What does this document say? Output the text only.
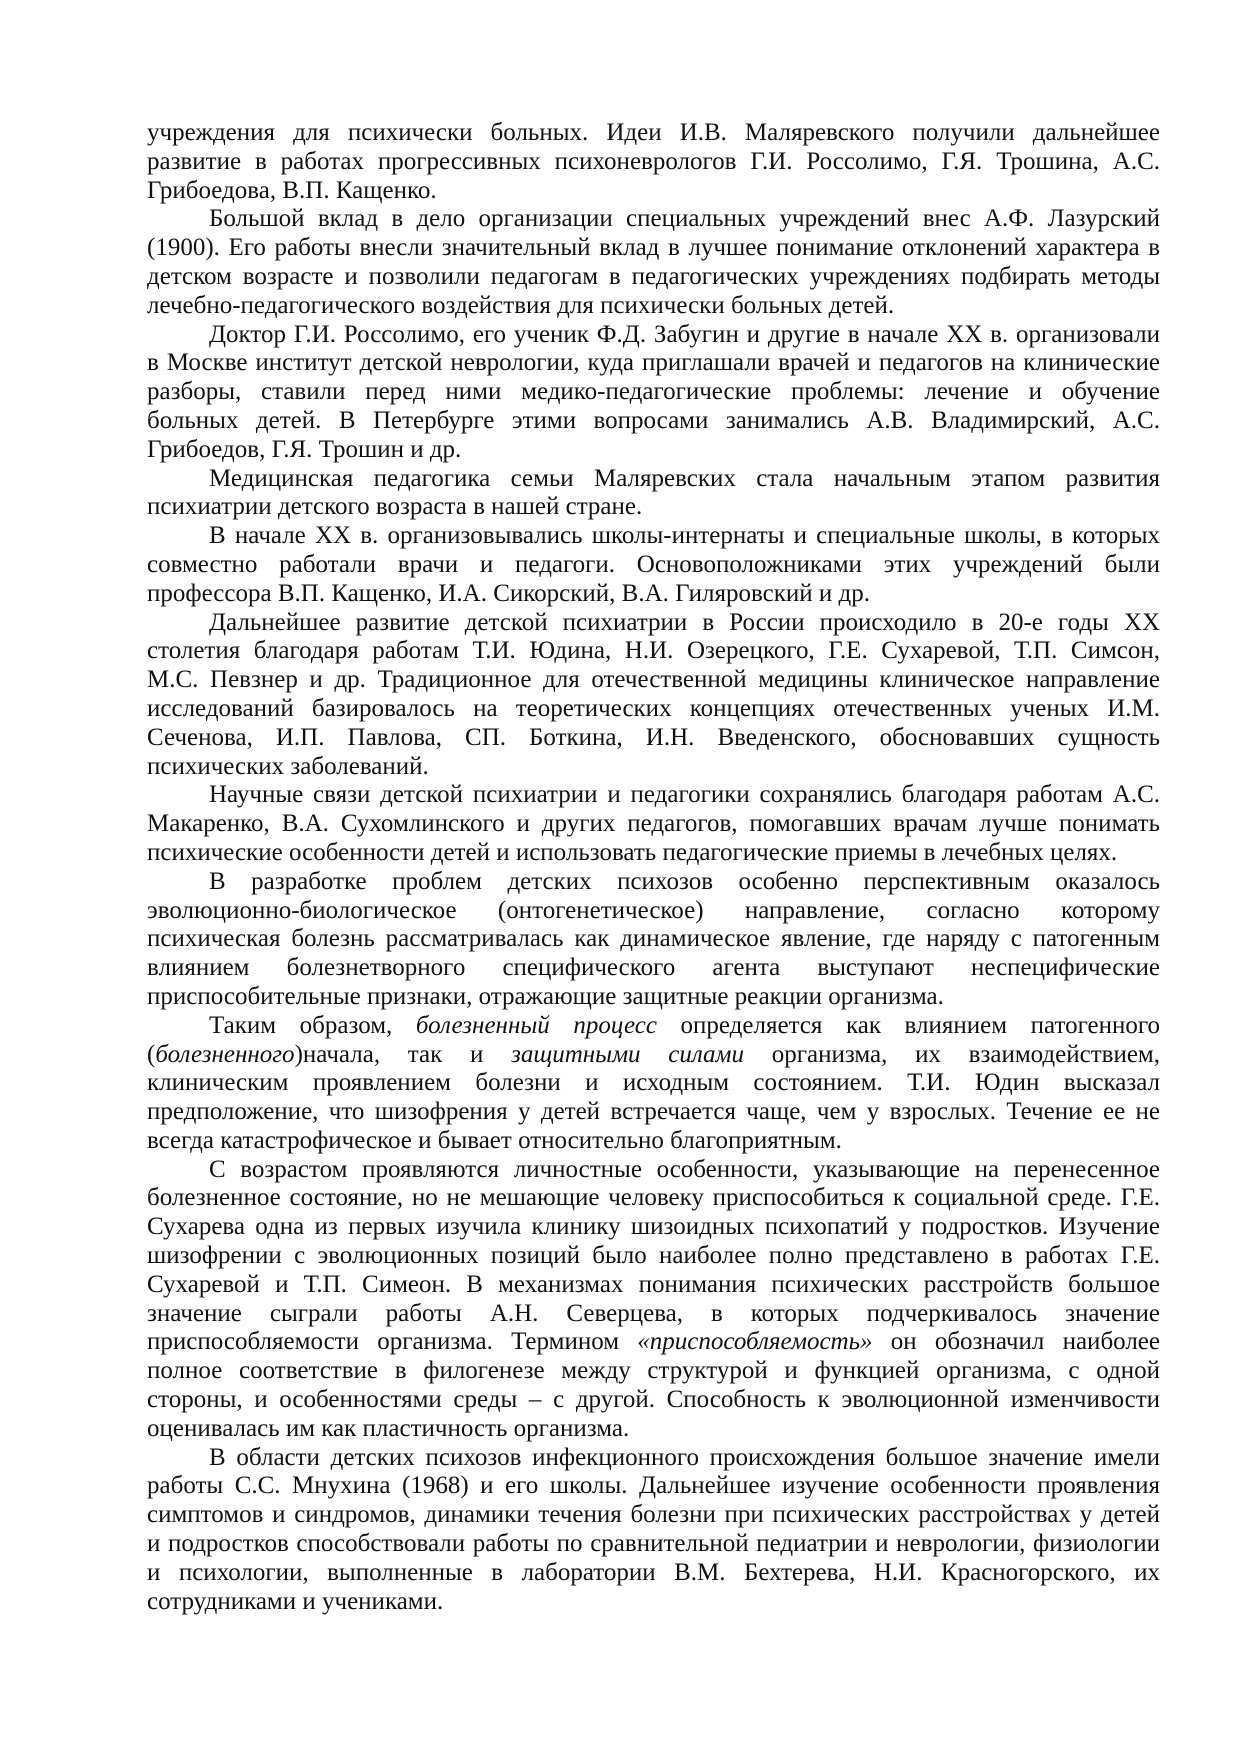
учреждения для психически больных. Идеи И.В. Маляревского получили дальнейшее
развитие в работах прогрессивных психоневрологов Г.И. Россолимо, Г.Я. Трошина, А.С.
Грибоедова, В.П. Кащенко.
Большой вклад в дело организации специальных учреждений внес А.Ф. Лазурский
(1900). Его работы внесли значительный вклад в лучшее понимание отклонений характера в
детском возрасте и позволили педагогам в педагогических учреждениях подбирать методы
лечебно-педагогического воздействия для психически больных детей.
Доктор Г.И. Россолимо, его ученик Ф.Д. Забугин и другие в начале XX в. организовали
в Москве институт детской неврологии, куда приглашали врачей и педагогов на клинические
разборы, ставили перед ними медико-педагогические проблемы: лечение и обучение
больных детей. В Петербурге этими вопросами занимались А.В. Владимирский, А.С.
Грибоедов, Г.Я. Трошин и др.
Медицинская педагогика семьи Маляревских стала начальным этапом развития
психиатрии детского возраста в нашей стране.
В начале XX в. организовывались школы-интернаты и специальные школы, в которых
совместно работали врачи и педагоги. Основоположниками этих учреждений были
профессора В.П. Кащенко, И.А. Сикорский, В.А. Гиляровский и др.
Дальнейшее развитие детской психиатрии в России происходило в 20-е годы XX
столетия благодаря работам Т.И. Юдина, Н.И. Озерецкого, Г.Е. Сухаревой, Т.П. Симсон,
М.С. Певзнер и др. Традиционное для отечественной медицины клиническое направление
исследований базировалось на теоретических концепциях отечественных ученых И.М.
Сеченова, И.П. Павлова, СП. Боткина, И.Н. Введенского, обосновавших сущность
психических заболеваний.
Научные связи детской психиатрии и педагогики сохранялись благодаря работам А.С.
Макаренко, В.А. Сухомлинского и других педагогов, помогавших врачам лучше понимать
психические особенности детей и использовать педагогические приемы в лечебных целях.
В разработке проблем детских психозов особенно перспективным оказалось
эволюционно-биологическое (онтогенетическое) направление, согласно которому
психическая болезнь рассматривалась как динамическое явление, где наряду с патогенным
влиянием болезнетворного специфического агента выступают неспецифические
приспособительные признаки, отражающие защитные реакции организма.
Таким образом, болезненный процесс определяется как влиянием патогенного
(болезненного)начала, так и защитными силами организма, их взаимодействием,
клиническим проявлением болезни и исходным состоянием. Т.И. Юдин высказал
предположение, что шизофрения у детей встречается чаще, чем у взрослых. Течение ее не
всегда катастрофическое и бывает относительно благоприятным.
С возрастом проявляются личностные особенности, указывающие на перенесенное
болезненное состояние, но не мешающие человеку приспособиться к социальной среде. Г.Е.
Сухарева одна из первых изучила клинику шизоидных психопатий у подростков. Изучение
шизофрении с эволюционных позиций было наиболее полно представлено в работах Г.Е.
Сухаревой и Т.П. Симеон. В механизмах понимания психических расстройств большое
значение сыграли работы А.Н. Северцева, в которых подчеркивалось значение
приспособляемости организма. Термином «приспособляемость» он обозначил наиболее
полное соответствие в филогенезе между структурой и функцией организма, с одной
стороны, и особенностями среды – с другой. Способность к эволюционной изменчивости
оценивалась им как пластичность организма.
В области детских психозов инфекционного происхождения большое значение имели
работы С.С. Мнухина (1968) и его школы. Дальнейшее изучение особенности проявления
симптомов и синдромов, динамики течения болезни при психических расстройствах у детей
и подростков способствовали работы по сравнительной педиатрии и неврологии, физиологии
и психологии, выполненные в лаборатории В.М. Бехтерева, Н.И. Красногорского, их
сотрудниками и учениками.
